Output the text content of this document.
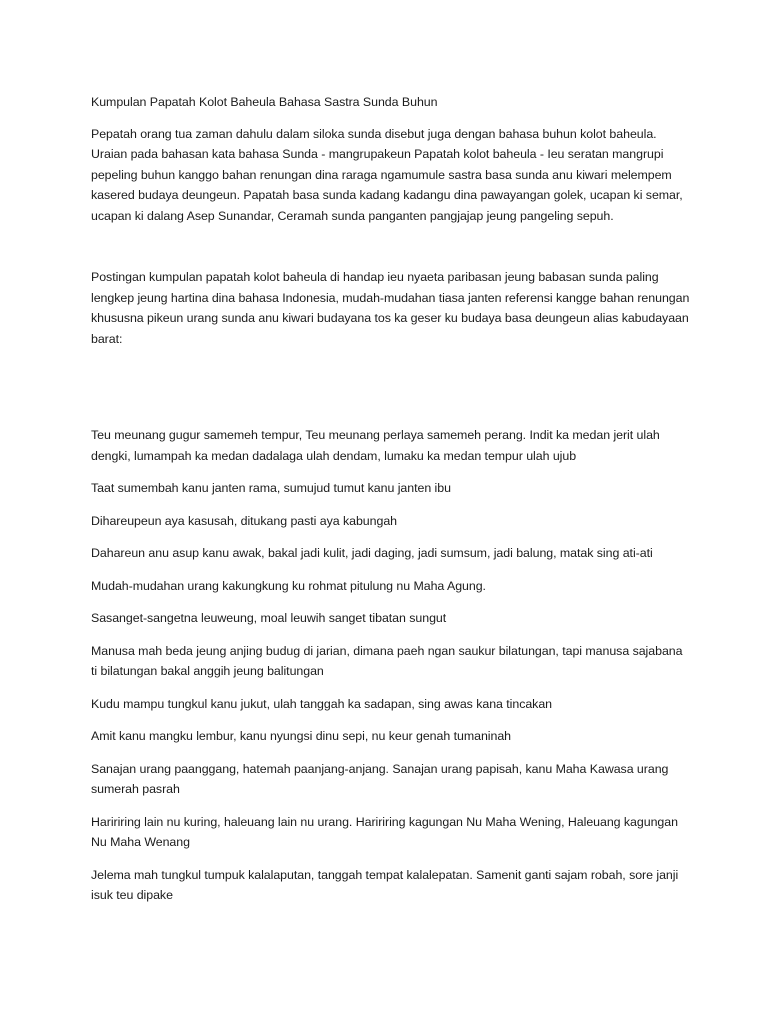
Kumpulan Papatah Kolot Baheula Bahasa Sastra Sunda Buhun

Pepatah orang tua zaman dahulu dalam siloka sunda disebut juga dengan bahasa buhun kolot baheula. Uraian pada bahasan kata bahasa Sunda - mangrupakeun Papatah kolot baheula - Ieu seratan mangrupi pepeling buhun kanggo bahan renungan dina raraga ngamumule sastra basa sunda anu kiwari melempem kasered budaya deungeun. Papatah basa sunda kadang kadangu dina pawayangan golek, ucapan ki semar, ucapan ki dalang Asep Sunandar, Ceramah sunda panganten pangjajap jeung pangeling sepuh.

Postingan kumpulan papatah kolot baheula di handap ieu nyaeta paribasan jeung babasan sunda paling lengkep jeung hartina dina bahasa Indonesia, mudah-mudahan tiasa janten referensi kangge bahan renungan khususna pikeun urang sunda anu kiwari budayana tos ka geser ku budaya basa deungeun alias kabudayaan barat:

Teu meunang gugur samemeh tempur, Teu meunang perlaya samemeh perang. Indit ka medan jerit ulah dengki, lumampah ka medan dadalaga ulah dendam, lumaku ka medan tempur ulah ujub

Taat sumembah kanu janten rama, sumujud tumut kanu janten ibu

Dihareupeun aya kasusah, ditukang pasti aya kabungah

Dahareun anu asup kanu awak, bakal jadi kulit, jadi daging, jadi sumsum, jadi balung, matak sing ati-ati

Mudah-mudahan urang kakungkung ku rohmat pitulung nu Maha Agung.

Sasanget-sangetna leuweung, moal leuwih sanget tibatan sungut

Manusa mah beda jeung anjing budug di jarian, dimana paeh ngan saukur bilatungan, tapi manusa sajabana ti bilatungan bakal anggih jeung balitungan

Kudu mampu tungkul kanu jukut, ulah tanggah ka sadapan, sing awas kana tincakan

Amit kanu mangku lembur, kanu nyungsi dinu sepi, nu keur genah tumaninah

Sanajan urang paanggang, hatemah paanjang-anjang. Sanajan urang papisah, kanu Maha Kawasa urang sumerah pasrah

Haririring lain nu kuring, haleuang lain nu urang. Haririring kagungan Nu Maha Wening, Haleuang kagungan Nu Maha Wenang

Jelema mah tungkul tumpuk kalalaputan, tanggah tempat kalalepatan. Samenit ganti sajam robah, sore janji isuk teu dipake
